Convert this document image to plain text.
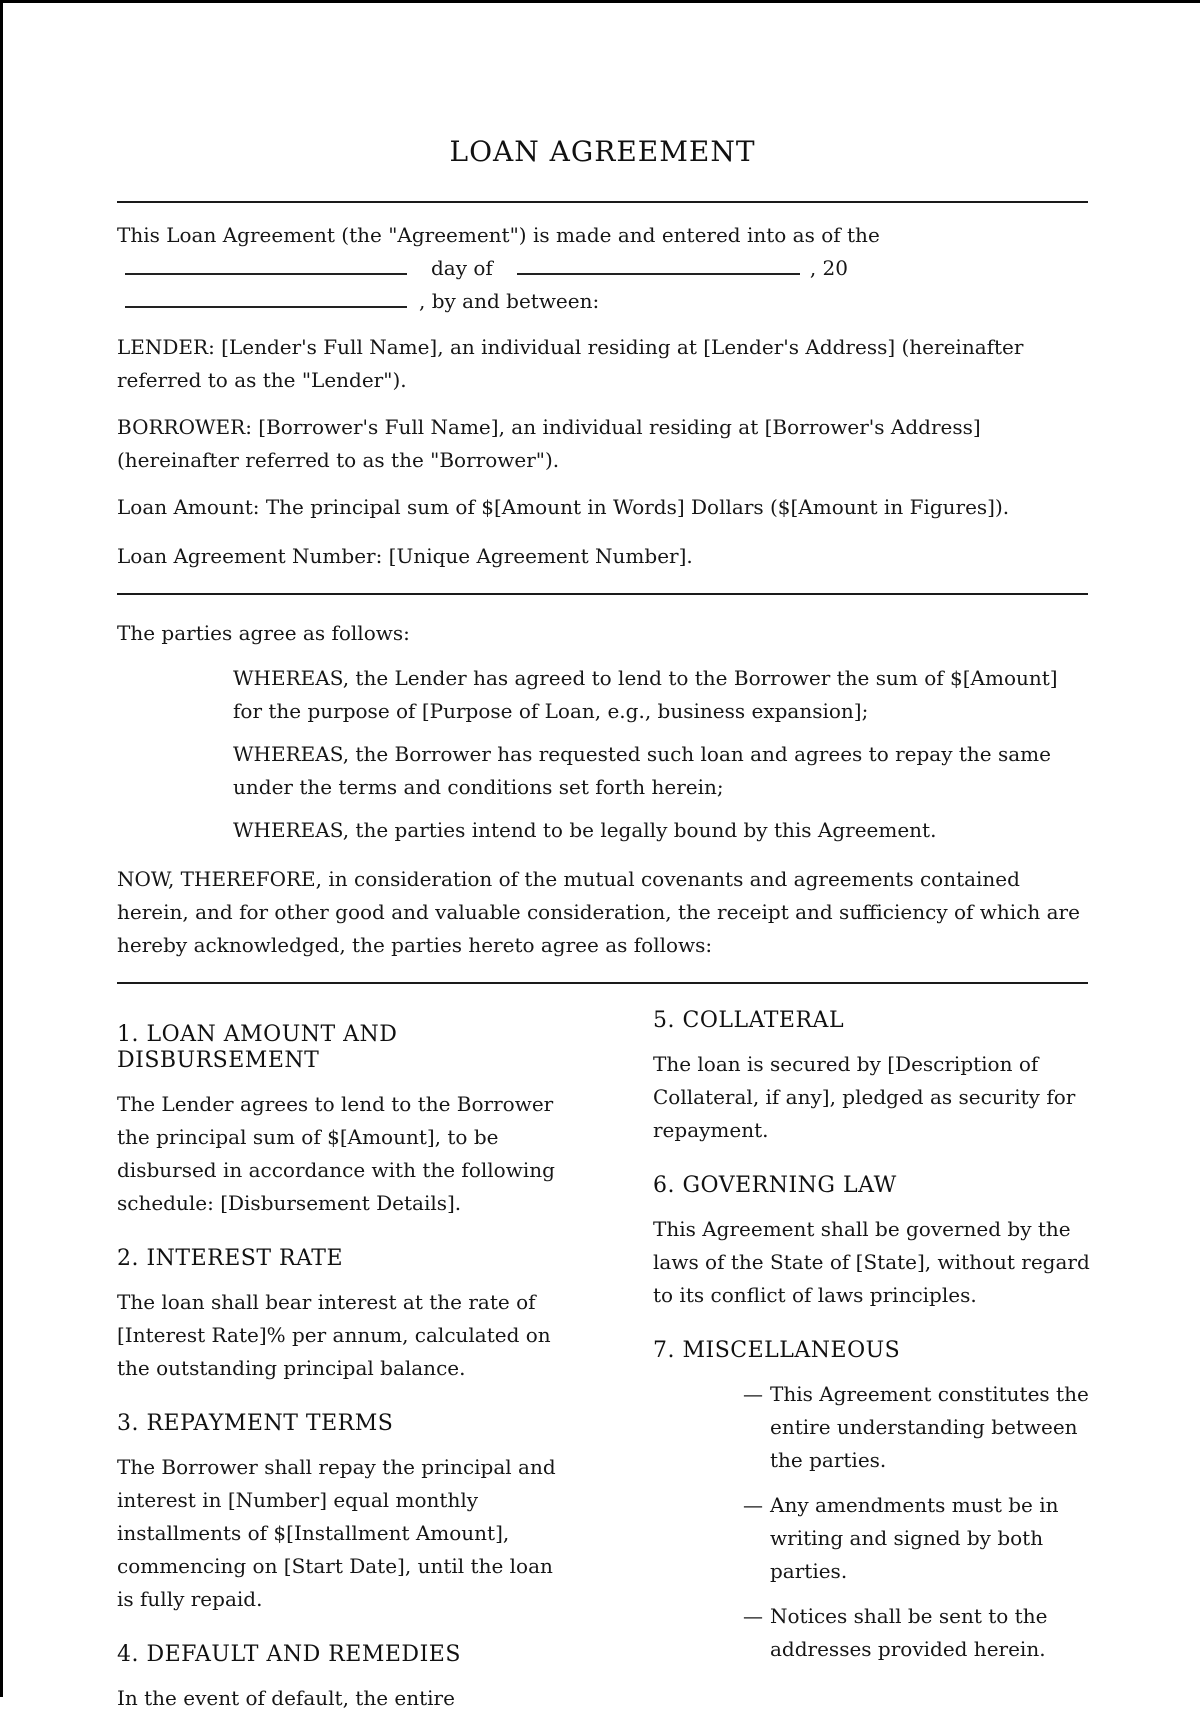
LOAN AGREEMENT

This Loan Agreement (the "Agreement") is made and entered into as of the

day of	, 20
, by and between:

LENDER: [Lender's Full Name], an individual residing at [Lender's Address] (hereinafter referred to as the "Lender").

BORROWER: [Borrower's Full Name], an individual residing at [Borrower's Address] (hereinafter referred to as the "Borrower").

Loan Amount: The principal sum of $[Amount in Words] Dollars ($[Amount in Figures]).

Loan Agreement Number: [Unique Agreement Number].

The parties agree as follows:

WHEREAS, the Lender has agreed to lend to the Borrower the sum of $[Amount] for the purpose of [Purpose of Loan, e.g., business expansion];

WHEREAS, the Borrower has requested such loan and agrees to repay the same under the terms and conditions set forth herein;

WHEREAS, the parties intend to be legally bound by this Agreement.

NOW, THEREFORE, in consideration of the mutual covenants and agreements contained herein, and for other good and valuable consideration, the receipt and sufficiency of which are hereby acknowledged, the parties hereto agree as follows:

1. LOAN AMOUNT AND DISBURSEMENT

The Lender agrees to lend to the Borrower the principal sum of $[Amount], to be disbursed in accordance with the following schedule: [Disbursement Details].

2. INTEREST RATE

The loan shall bear interest at the rate of [Interest Rate]% per annum, calculated on the outstanding principal balance.

3. REPAYMENT TERMS

The Borrower shall repay the principal and interest in [Number] equal monthly installments of $[Installment Amount], commencing on [Start Date], until the loan is fully repaid.

4. DEFAULT AND REMEDIES

In the event of default, the entire

5. COLLATERAL

The loan is secured by [Description of Collateral, if any], pledged as security for repayment.

6. GOVERNING LAW

This Agreement shall be governed by the laws of the State of [State], without regard to its conflict of laws principles.

7. MISCELLANEOUS
— This Agreement constitutes the entire understanding between the parties.
— Any amendments must be in writing and signed by both parties.
— Notices shall be sent to the addresses provided herein.
